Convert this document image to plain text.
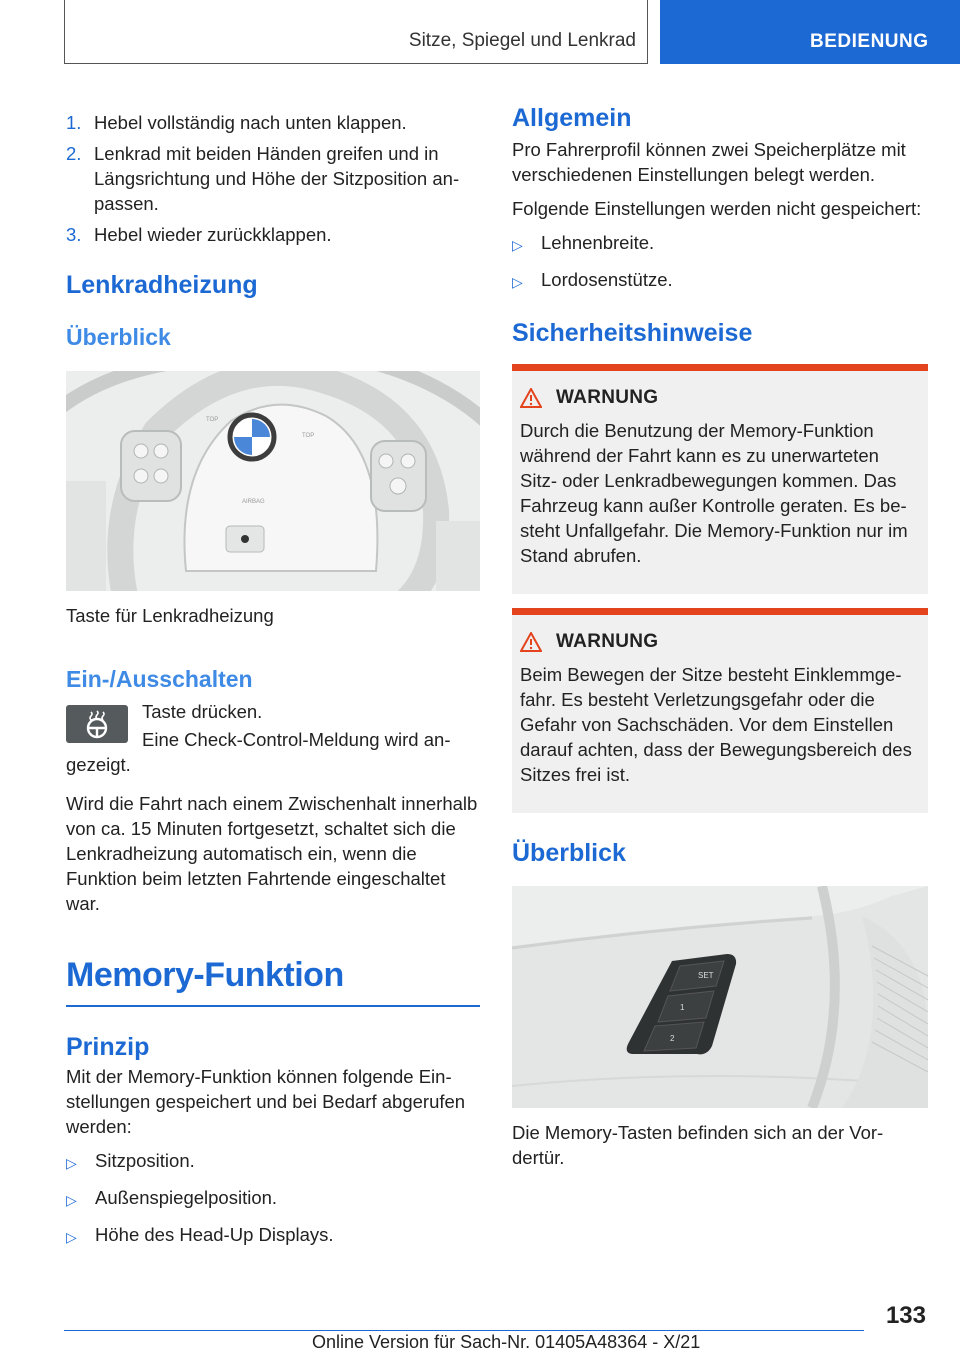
Sitze, Spiegel und Lenkrad	BEDIENUNG
1. Hebel vollständig nach unten klappen.
2. Lenkrad mit beiden Händen greifen und in Längsrichtung und Höhe der Sitzposition anpassen.
3. Hebel wieder zurückklappen.
Lenkradheizung
Überblick
TOP
TOP
AIRBAG
Taste für Lenkradheizung
Ein-/Ausschalten
Taste drücken.
Eine Check-Control-Meldung wird angezeigt.
Wird die Fahrt nach einem Zwischenhalt innerhalb von ca. 15 Minuten fortgesetzt, schaltet sich die Lenkradheizung automatisch ein, wenn die Funktion beim letzten Fahrtende eingeschaltet war.
Memory-Funktion
Prinzip
Mit der Memory-Funktion können folgende Einstellungen gespeichert und bei Bedarf abgerufen werden:
▷ Sitzposition.
▷ Außenspiegelposition.
▷ Höhe des Head-Up Displays.
Allgemein
Pro Fahrerprofil können zwei Speicherplätze mit verschiedenen Einstellungen belegt werden.
Folgende Einstellungen werden nicht gespeichert:
▷ Lehnenbreite.
▷ Lordosenstütze.
Sicherheitshinweise
WARNUNG
Durch die Benutzung der Memory-Funktion während der Fahrt kann es zu unerwarteten Sitz- oder Lenkradbewegungen kommen. Das Fahrzeug kann außer Kontrolle geraten. Es besteht Unfallgefahr. Die Memory-Funktion nur im Stand abrufen.
WARNUNG
Beim Bewegen der Sitze besteht Einklemmgefahr. Es besteht Verletzungsgefahr oder die Gefahr von Sachschäden. Vor dem Einstellen darauf achten, dass der Bewegungsbereich des Sitzes frei ist.
Überblick
SET
1
2
Die Memory-Tasten befinden sich an der Vordertür.
133
Online Version für Sach-Nr. 01405A48364 - X/21
